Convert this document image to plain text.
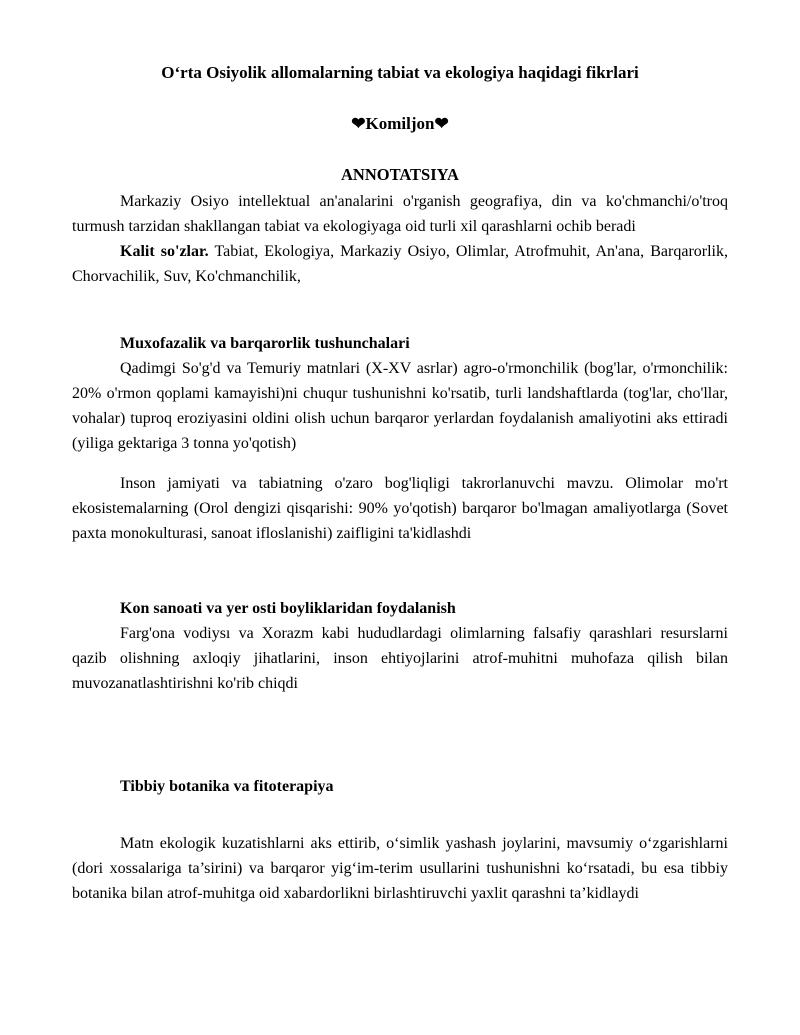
O‘rta Osiyolik allomalarning tabiat va ekologiya haqidagi fikrlari

❤Komiljon❤

ANNOTATSIYA

Markaziy Osiyo intellektual an'analarini o'rganish geografiya, din va ko'chmanchi/o'troq turmush tarzidan shakllangan tabiat va ekologiyaga oid turli xil qarashlarni ochib beradi

Kalit so'zlar. Tabiat, Ekologiya, Markaziy Osiyo, Olimlar, Atrofmuhit, An'ana, Barqarorlik, Chorvachilik, Suv, Ko'chmanchilik,

Muxofazalik va barqarorlik tushunchalari

Qadimgi So'g'd va Temuriy matnlari (X-XV asrlar) agro-o'rmonchilik (bog'lar, o'rmonchilik: 20% o'rmon qoplami kamayishi)ni chuqur tushunishni ko'rsatib, turli landshaftlarda (tog'lar, cho'llar, vohalar) tuproq eroziyasini oldini olish uchun barqaror yerlardan foydalanish amaliyotini aks ettiradi (yiliga gektariga 3 tonna yo'qotish)

Inson jamiyati va tabiatning o'zaro bog'liqligi takrorlanuvchi mavzu. Olimolar mo'rt ekosistemalarning (Orol dengizi qisqarishi: 90% yo'qotish) barqaror bo'lmagan amaliyotlarga (Sovet paxta monokulturasi, sanoat ifloslanishi) zaifligini ta'kidlashdi

Kon sanoati va yer osti boyliklaridan foydalanish

Farg'ona vodiysı va Xorazm kabi hududlardagi olimlarning falsafiy qarashlari resurslarni qazib olishning axloqiy jihatlarini, inson ehtiyojlarini atrof-muhitni muhofaza qilish bilan muvozanatlashtirishni ko'rib chiqdi

Tibbiy botanika va fitoterapiya

Matn ekologik kuzatishlarni aks ettirib, o‘simlik yashash joylarini, mavsumiy o‘zgarishlarni (dori xossalariga ta’sirini) va barqaror yig‘im-terim usullarini tushunishni ko‘rsatadi, bu esa tibbiy botanika bilan atrof-muhitga oid xabardorlikni birlashtiruvchi yaxlit qarashni ta’kidlaydi
